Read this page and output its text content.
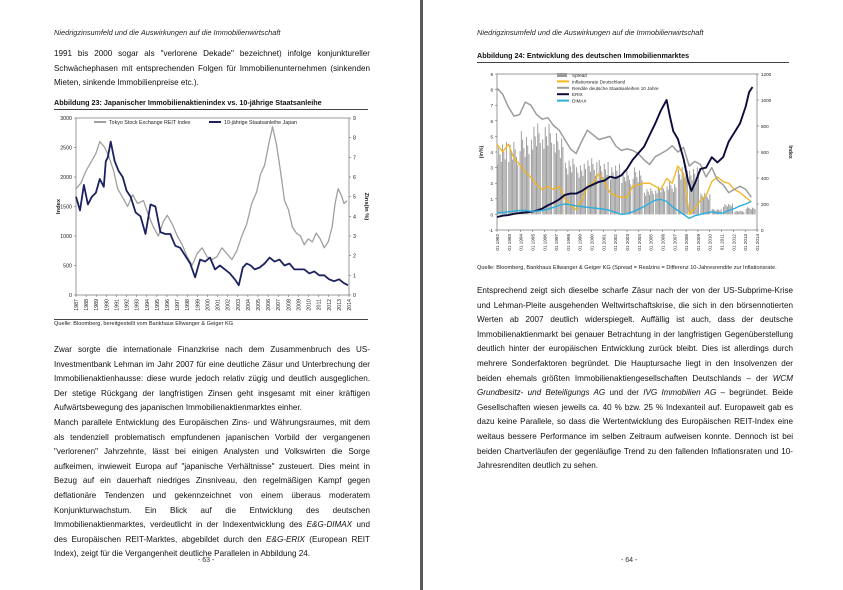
Niedrigzinsumfeld und die Auswirkungen auf die Immobilienwirtschaft

1991 bis 2000 sogar als "verlorene Dekade" bezeichnet) infolge konjunktureller Schwächephasen mit entsprechenden Folgen für Immobilienunternehmen (sinkenden Mieten, sinkende Immobilienpreise etc.).

Abbildung 23: Japanischer Immobilienaktienindex vs. 10-jährige Staatsanleihe
0
500
1000
1500
2000
2500
3000
0
1
2
3
4
5
6
7
8
9
1987 1988 1989 1990 1991 1992 1993 1994 1995 1996 1997 1998 1999 2000 2001 2002 2003 2004 2005 2006 2007 2008 2009 2010 2011 2012 2013 2014
Index	Zins(in %)
Tokyo Stock Exchange REIT Index	10-jährige Staatsanleihe Japan
Quelle: Bloomberg, bereitgestellt vom Bankhaus Ellwanger & Geiger KG

Zwar sorgte die internationale Finanzkrise nach dem Zusammenbruch des US-Investmentbank Lehman im Jahr 2007 für eine deutliche Zäsur und Unterbrechung der Immobilienaktienhausse: diese wurde jedoch relativ zügig und deutlich ausgeglichen. Der stetige Rückgang der langfristigen Zinsen geht insgesamt mit einer kräftigen Aufwärtsbewegung des japanischen Immobilienaktienmarktes einher.

Manch parallele Entwicklung des Europäischen Zins- und Währungsraumes, mit dem als tendenziell problematisch empfundenen japanischen Vorbild der vergangenen "verlorenen" Jahrzehnte, lässt bei einigen Analysten und Volkswirten die Sorge aufkeimen, inwieweit Europa auf "japanische Verhältnisse" zusteuert. Dies meint in Bezug auf ein dauerhaft niedriges Zinsniveau, den regelmäßigen Kampf gegen deflationäre Tendenzen und gekennzeichnet von einem überaus moderatem Konjunkturwachstum. Ein Blick auf die Entwicklung des deutschen Immobilienaktienmarktes, verdeutlicht in der Indexentwicklung des E&G-DIMAX und des Europäischen REIT-Marktes, abgebildet durch den E&G-ERIX (European REIT Index), zeigt für die Vergangenheit deutliche Parallelen in Abbildung 24.

- 63 -
Niedrigzinsumfeld und die Auswirkungen auf die Immobilienwirtschaft
Abbildung 24: Entwicklung des deutschen Immobilienmarktes
-1
0
1
2
3
4
5
6
7
8
9
0
200
400
600
800
1000
1200
01 1992 01 1993 01 1994 01 1995 01 1996 01 1997 01 1998 01 1999 01 2000 01 2001 01 2002 01 2003 01 2004 01 2005 01 2006 01 2007 01 2008 01 2009 01 2010 01 2011 01 2012 01 2013 01 2014
(in%)	Index
Spread
Inflationsrate Deutschland
Rendite deutsche Staatsanleihen 10 Jahre
ERIX
DIMAX
Quelle: Bloomberg, Bankhaus Ellwanger & Geiger KG (Spread = Realzins = Differenz 10-Jahresrendite zur Inflationsrate.

Entsprechend zeigt sich dieselbe scharfe Zäsur nach der von der US-Subprime-Krise und Lehman-Pleite ausgehenden Weltwirtschaftskrise, die sich in den börsennotierten Werten ab 2007 deutlich widerspiegelt. Auffällig ist auch, dass der deutsche Immobilienaktienmarkt bei genauer Betrachtung in der langfristigen Gegenüberstellung deutlich hinter der europäischen Entwicklung zurück bleibt. Dies ist allerdings durch mehrere Sonderfaktoren begründet. Die Hauptursache liegt in den Insolvenzen der beiden ehemals größten Immobilienaktiengesellschaften Deutschlands – der WCM Grundbesitz- und Beteiligungs AG und der IVG Immobilien AG – begründet. Beide Gesellschaften wiesen jeweils ca. 40 % bzw. 25 % Indexanteil auf. Europaweit gab es dazu keine Parallele, so dass die Wertentwicklung des Europäischen REIT-Index eine weitaus bessere Performance im selben Zeitraum aufweisen konnte. Dennoch ist bei beiden Chartverläufen der gegenläufige Trend zu den fallenden Inflationsraten und 10-Jahresrenditen deutlich zu sehen.

- 64 -
